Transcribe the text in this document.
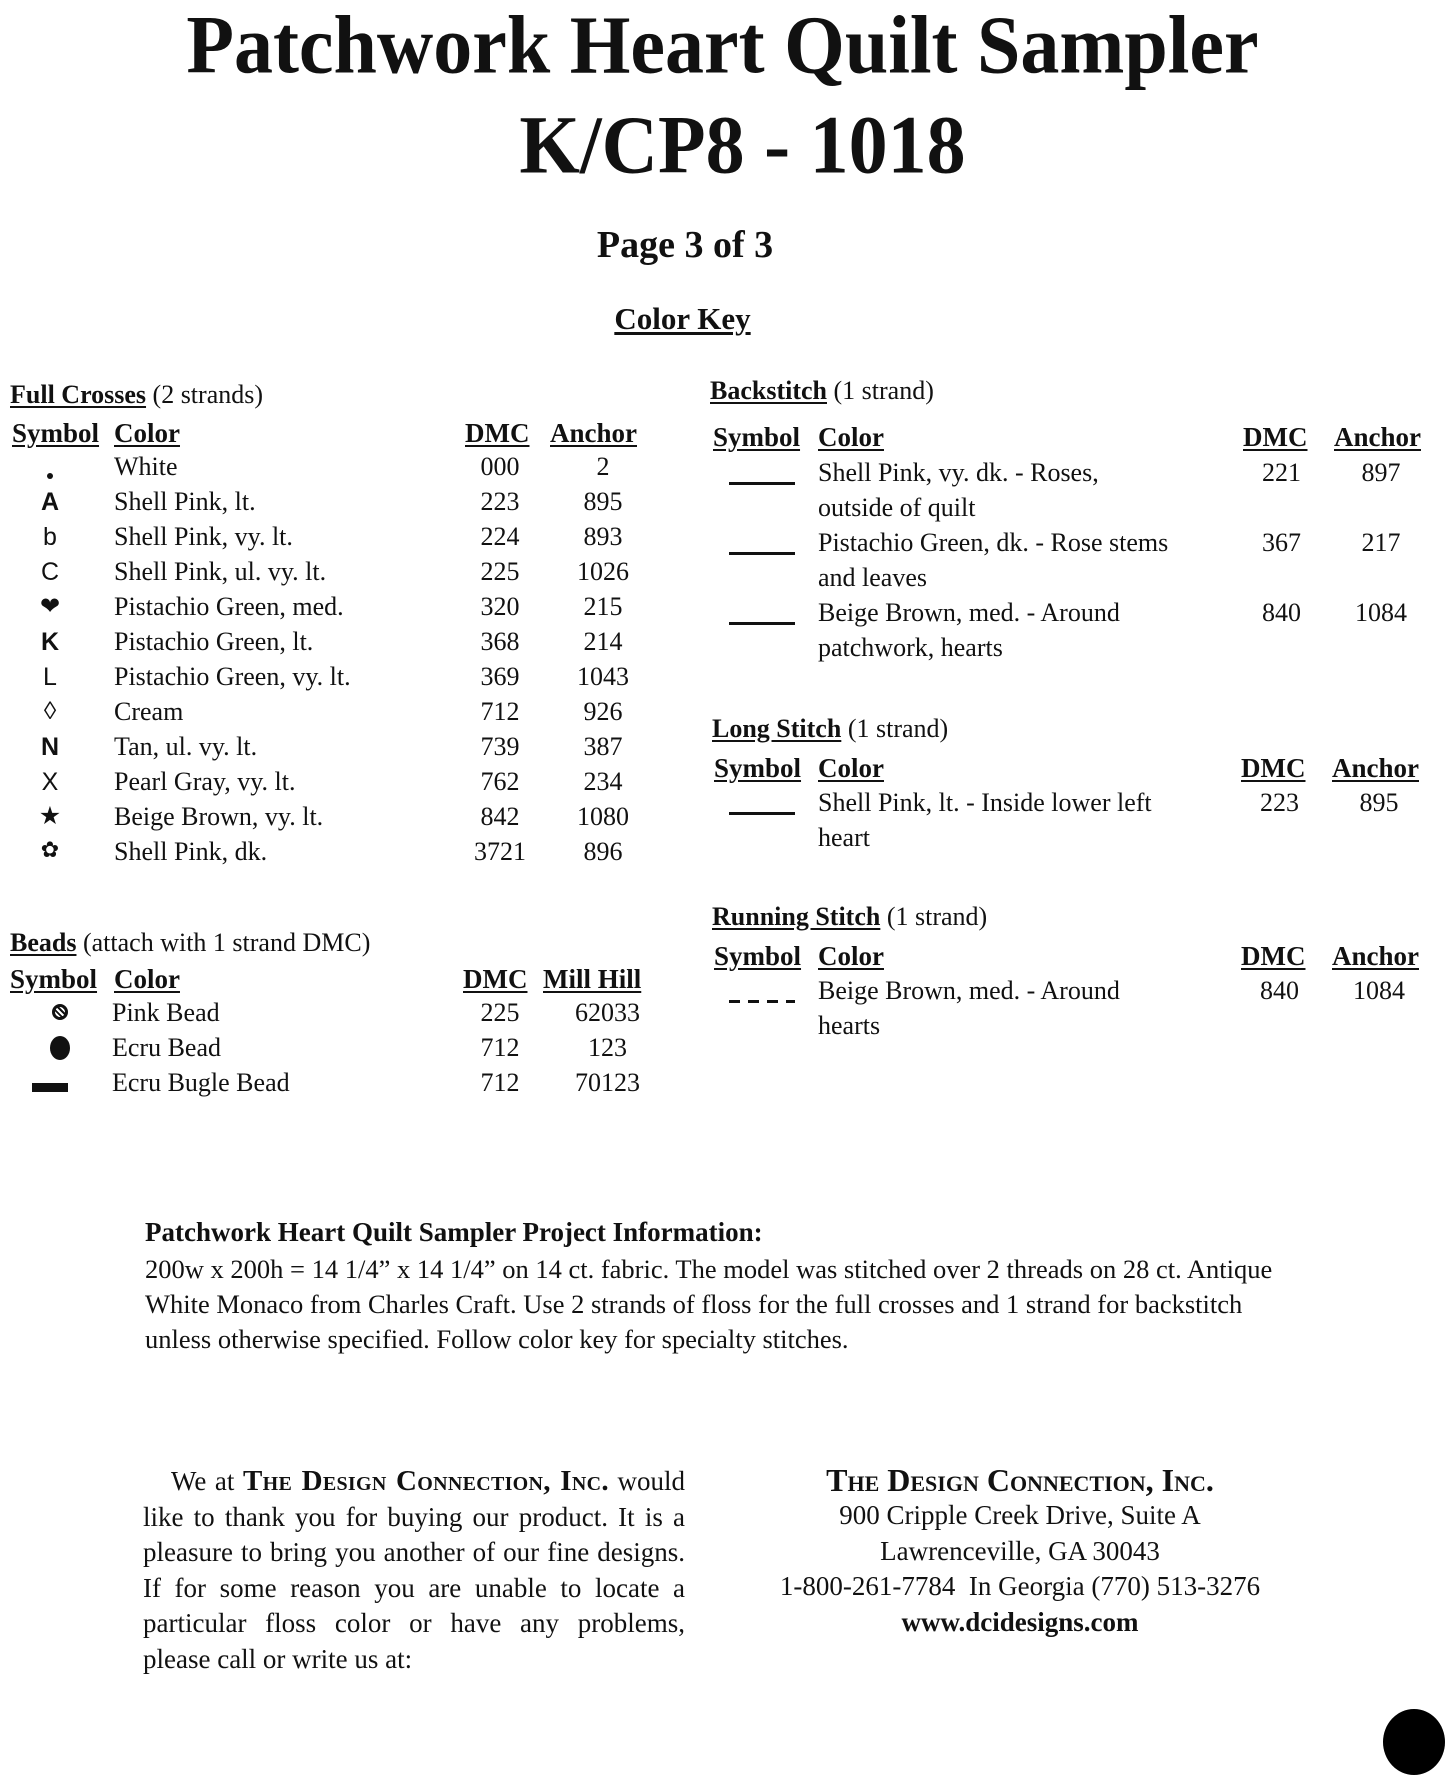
Patchwork Heart Quilt Sampler
K/CP8 - 1018
Page 3 of 3
Color Key
Full Crosses (2 strands)
Symbol Color	DMC Anchor
White	000	2
A	Shell Pink, lt.	223	895
b	Shell Pink, vy. lt.	224	893
C	Shell Pink, ul. vy. lt.	225	1026
❤	Pistachio Green, med.	320	215
K	Pistachio Green, lt.	368	214
L	Pistachio Green, vy. lt.	369	1043
◊	Cream	712	926
N	Tan, ul. vy. lt.	739	387
X	Pearl Gray, vy. lt.	762	234
★	Beige Brown, vy. lt.	842	1080
✿	Shell Pink, dk.	3721	896
Beads (attach with 1 strand DMC)
Symbol Color	DMC Mill Hill
Pink Bead	225	62033
Ecru Bead	712	123
Ecru Bugle Bead	712	70123
Backstitch (1 strand)
Symbol Color	DMC Anchor
Shell Pink, vy. dk. - Roses,
outside of quilt
221	897
Pistachio Green, dk. - Rose stems
and leaves
367	217
Beige Brown, med. - Around
patchwork, hearts
840	1084
Long Stitch (1 strand)
Symbol Color	DMC Anchor
Shell Pink, lt. - Inside lower left
heart
223	895
Running Stitch (1 strand)
Symbol Color	DMC Anchor
Beige Brown, med. - Around
hearts
840	1084
Patchwork Heart Quilt Sampler Project Information:
200w x 200h = 14 1/4” x 14 1/4” on 14 ct. fabric. The model was stitched over 2 threads on 28 ct. Antique White Monaco from Charles Craft. Use 2 strands of floss for the full crosses and 1 strand for backstitch unless otherwise specified. Follow color key for specialty stitches.
We at The Design Connection, Inc. would like to thank you for buying our product. It is a pleasure to bring you another of our fine designs. If for some reason you are unable to locate a particular floss color or have any problems, please call or write us at:
The Design Connection, Inc.
900 Cripple Creek Drive, Suite A
Lawrenceville, GA 30043
1-800-261-7784  In Georgia (770) 513-3276
www.dcidesigns.com
